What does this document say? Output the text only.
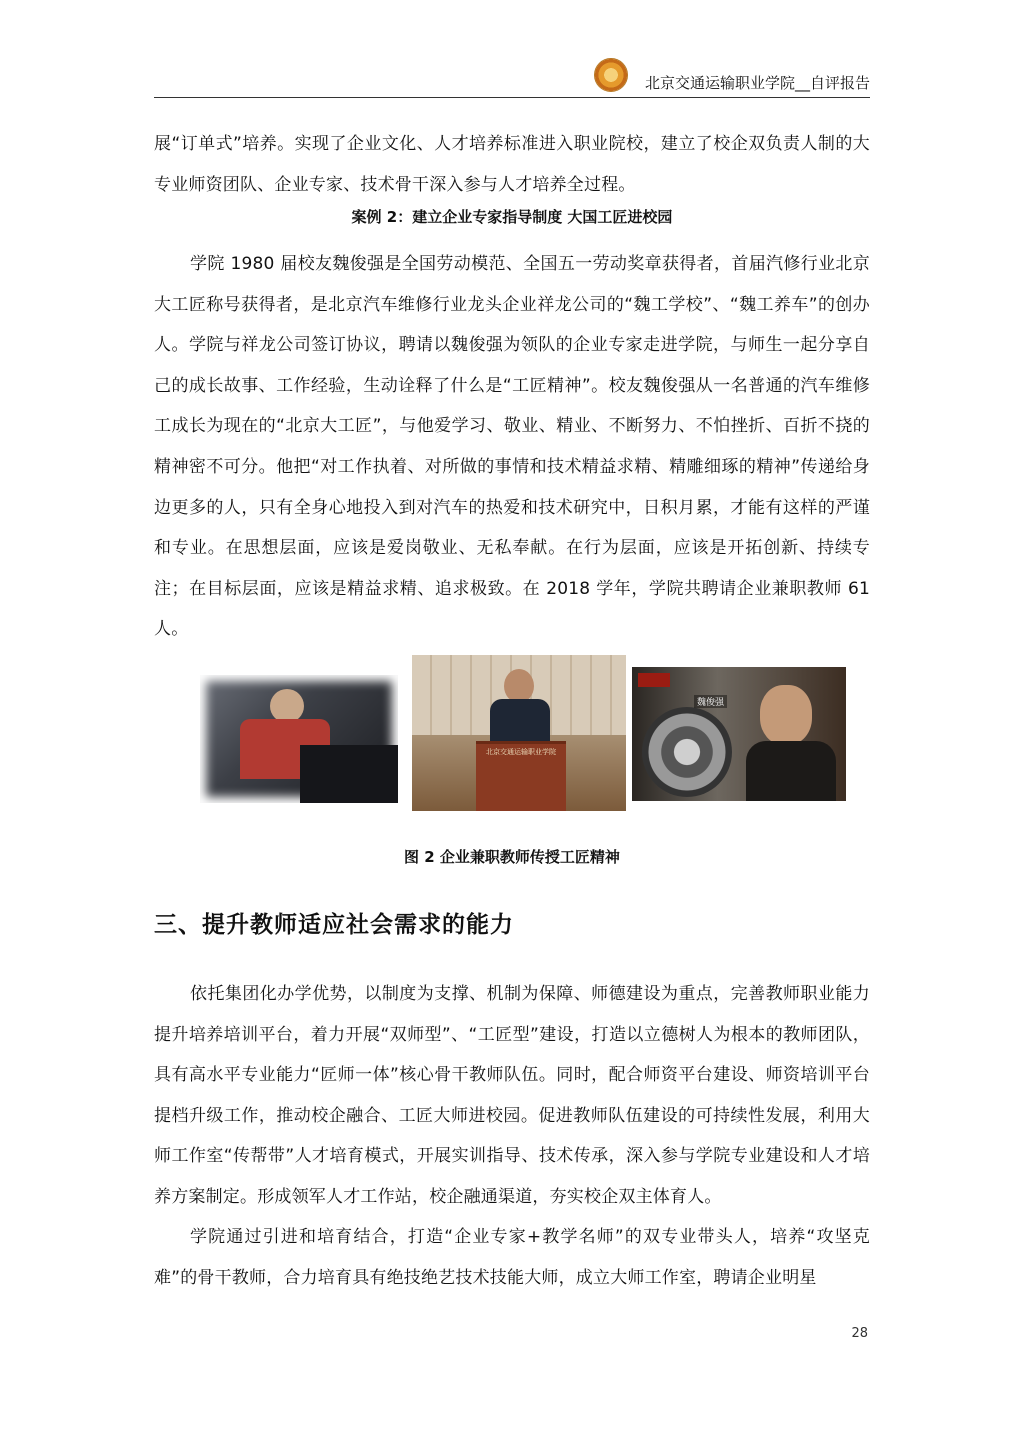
北京交通运输职业学院__自评报告
展“订单式”培养。实现了企业文化、人才培养标准进入职业院校，建立了校企双负责人制的大专业师资团队、企业专家、技术骨干深入参与人才培养全过程。
案例 2：建立企业专家指导制度 大国工匠进校园
学院 1980 届校友魏俊强是全国劳动模范、全国五一劳动奖章获得者，首届汽修行业北京大工匠称号获得者，是北京汽车维修行业龙头企业祥龙公司的“魏工学校”、“魏工养车”的创办人。学院与祥龙公司签订协议，聘请以魏俊强为领队的企业专家走进学院，与师生一起分享自己的成长故事、工作经验，生动诠释了什么是“工匠精神”。校友魏俊强从一名普通的汽车维修工成长为现在的“北京大工匠”，与他爱学习、敬业、精业、不断努力、不怕挫折、百折不挠的精神密不可分。他把“对工作执着、对所做的事情和技术精益求精、精雕细琢的精神”传递给身边更多的人，只有全身心地投入到对汽车的热爱和技术研究中，日积月累，才能有这样的严谨和专业。在思想层面，应该是爱岗敬业、无私奉献。在行为层面，应该是开拓创新、持续专注；在目标层面，应该是精益求精、追求极致。在 2018 学年，学院共聘请企业兼职教师 61 人。
北京交通运输职业学院
魏俊强
图 2 企业兼职教师传授工匠精神
三、提升教师适应社会需求的能力
依托集团化办学优势，以制度为支撑、机制为保障、师德建设为重点，完善教师职业能力提升培养培训平台，着力开展“双师型”、“工匠型”建设，打造以立德树人为根本的教师团队，具有高水平专业能力“匠师一体”核心骨干教师队伍。同时，配合师资平台建设、师资培训平台提档升级工作，推动校企融合、工匠大师进校园。促进教师队伍建设的可持续性发展，利用大师工作室“传帮带”人才培育模式，开展实训指导、技术传承，深入参与学院专业建设和人才培养方案制定。形成领军人才工作站，校企融通渠道，夯实校企双主体育人。
学院通过引进和培育结合，打造“企业专家+教学名师”的双专业带头人，培养“攻坚克难”的骨干教师，合力培育具有绝技绝艺技术技能大师，成立大师工作室，聘请企业明星
28
